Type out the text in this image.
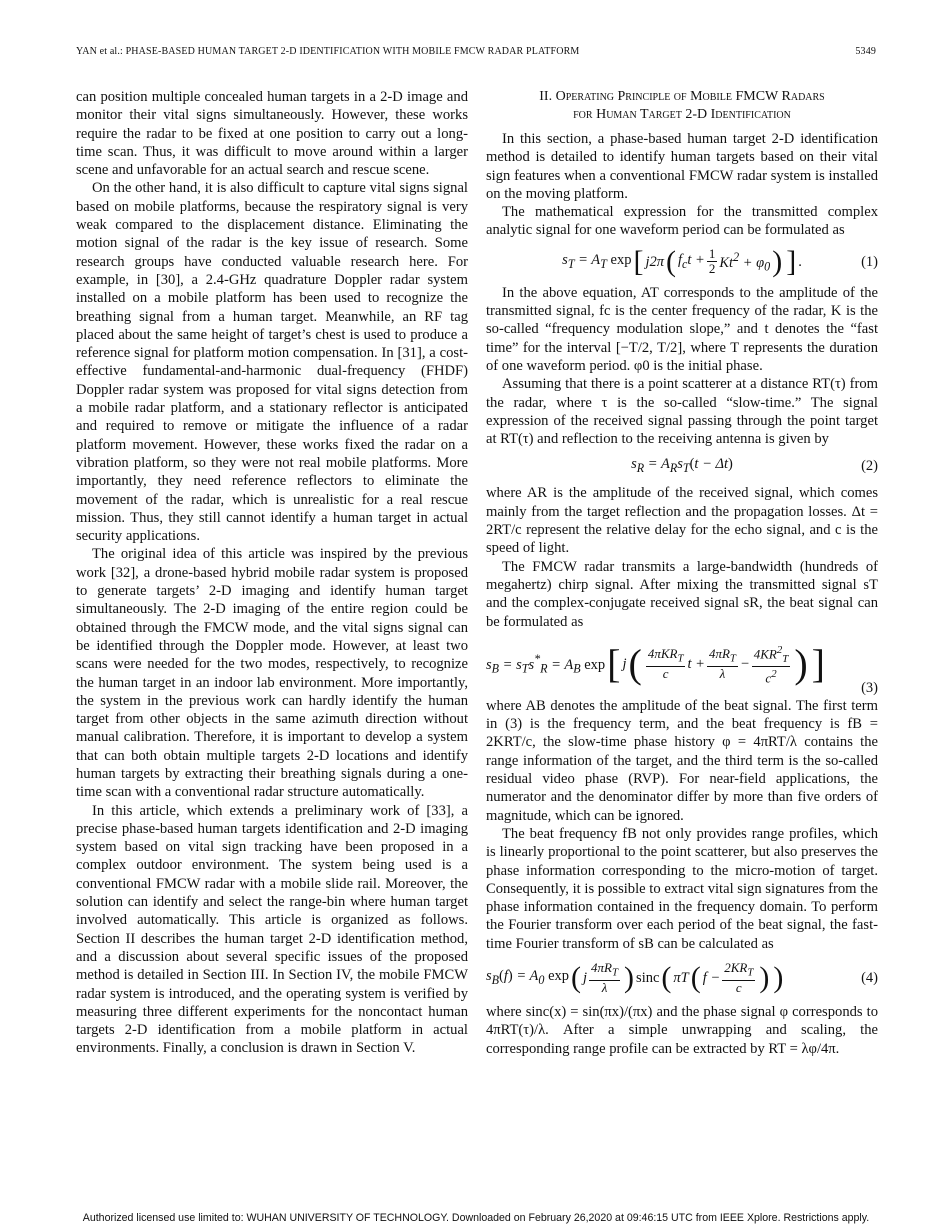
YAN et al.: PHASE-BASED HUMAN TARGET 2-D IDENTIFICATION WITH MOBILE FMCW RADAR PLATFORM	5349

can position multiple concealed human targets in a 2-D image and monitor their vital signs simultaneously. However, these works require the radar to be fixed at one position to carry out a long-time scan. Thus, it was difficult to move around within a larger scene and unfavorable for an actual search and rescue scene.

On the other hand, it is also difficult to capture vital signs signal based on mobile platforms, because the respiratory signal is very weak compared to the displacement distance. Eliminating the motion signal of the radar is the key issue of research. Some research groups have conducted valuable research here. For example, in [30], a 2.4-GHz quadrature Doppler radar system installed on a mobile platform has been used to recognize the breathing signal from a human target. Meanwhile, an RF tag placed about the same height of target’s chest is used to produce a reference signal for platform motion compensation. In [31], a cost-effective fundamental-and-harmonic dual-frequency (FHDF) Doppler radar system was proposed for vital signs detection from a mobile radar platform, and a stationary reflector is anticipated and required to remove or mitigate the influence of a radar platform movement. However, these works fixed the radar on a vibration platform, so they were not real mobile platforms. More importantly, they need reference reflectors to eliminate the movement of the radar, which is unrealistic for a real rescue mission. Thus, they still cannot identify a human target in actual security applications.

The original idea of this article was inspired by the previous work [32], a drone-based hybrid mobile radar system is proposed to generate targets’ 2-D imaging and identify human target simultaneously. The 2-D imaging of the entire region could be obtained through the FMCW mode, and the vital signs signal can be identified through the Doppler mode. However, at least two scans were needed for the two modes, respectively, to recognize the human target in an indoor lab environment. More importantly, the system in the previous work can hardly identify the human target from other objects in the same azimuth direction without manual calibration. Therefore, it is important to develop a system that can both obtain multiple targets 2-D locations and identify human targets by extracting their breathing signals during a one-time scan with a conventional radar structure automatically.

In this article, which extends a preliminary work of [33], a precise phase-based human targets identification and 2-D imaging system based on vital sign tracking have been proposed in a complex outdoor environment. The system being used is a conventional FMCW radar with a mobile slide rail. Moreover, the solution can identify and select the range-bin where human target involved automatically. This article is organized as follows. Section II describes the human target 2-D identification method, and a discussion about several specific issues of the proposed method is detailed in Section III. In Section IV, the mobile FMCW radar system is introduced, and the operating system is verified by measuring three different experiments for the noncontact human targets 2-D identification from a mobile platform in actual environments. Finally, a conclusion is drawn in Section V.

II. Operating Principle of Mobile FMCW Radars
for Human Target 2-D Identification

In this section, a phase-based human target 2-D identification method is detailed to identify human targets based on their vital sign features when a conventional FMCW radar system is installed on the moving platform.

The mathematical expression for the transmitted complex analytic signal for one waveform period can be formulated as

$s_T = A_T$ exp [ j2π ( $f_ct + \frac{1}{2} Kt^2 + \varphi_0$ ) ] .	(1)

In the above equation, AT corresponds to the amplitude of the transmitted signal, fc is the center frequency of the radar, K is the so-called “frequency modulation slope,” and t denotes the “fast time” for the interval [−T/2, T/2], where T represents the duration of one waveform period. φ0 is the initial phase.

Assuming that there is a point scatterer at a distance RT(τ) from the radar, where τ is the so-called “slow-time.” The signal expression of the received signal passing through the point target at RT(τ) and reflection to the receiving antenna is given by

$s_R = A_Rs_T(t - \Delta t)$	(2)

where AR is the amplitude of the received signal, which comes mainly from the target reflection and the propagation losses. Δt = 2RT/c represent the relative delay for the echo signal, and c is the speed of light.

The FMCW radar transmits a large-bandwidth (hundreds of megahertz) chirp signal. After mixing the transmitted signal sT and the complex-conjugate received signal sR, the beat signal can be formulated as

$s_B = s_Ts^*_R = A_B$ exp [ j ( $\frac{4\pi KR_T}{c}$ $t + \frac{4\pi R_T}{\lambda} - \frac{4KR^2_T}{c^2}$ ) ]
(3)

where AB denotes the amplitude of the beat signal. The first term in (3) is the frequency term, and the beat frequency is fB = 2KRT/c, the slow-time phase history φ = 4πRT/λ contains the range information of the target, and the third term is the so-called residual video phase (RVP). For near-field applications, the numerator and the denominator differ by more than five orders of magnitude, which can be ignored.

The beat frequency fB not only provides range profiles, which is linearly proportional to the point scatterer, but also preserves the phase information corresponding to the micro-motion of target. Consequently, it is possible to extract vital sign signatures from the phase information contained in the frequency domain. To perform the Fourier transform over each period of the beat signal, the fast-time Fourier transform of sB can be calculated as

$s_B(f) = A_0$ exp ( j $\frac{4\pi R_T}{\lambda}$ ) sinc ( πT ( $f - \frac{2KR_T}{c}$ ) )	(4)

where sinc(x) = sin(πx)/(πx) and the phase signal φ corresponds to 4πRT(τ)/λ. After a simple unwrapping and scaling, the corresponding range profile can be extracted by RT = λφ/4π.

Authorized licensed use limited to: WUHAN UNIVERSITY OF TECHNOLOGY. Downloaded on February 26,2020 at 09:46:15 UTC from IEEE Xplore. Restrictions apply.
